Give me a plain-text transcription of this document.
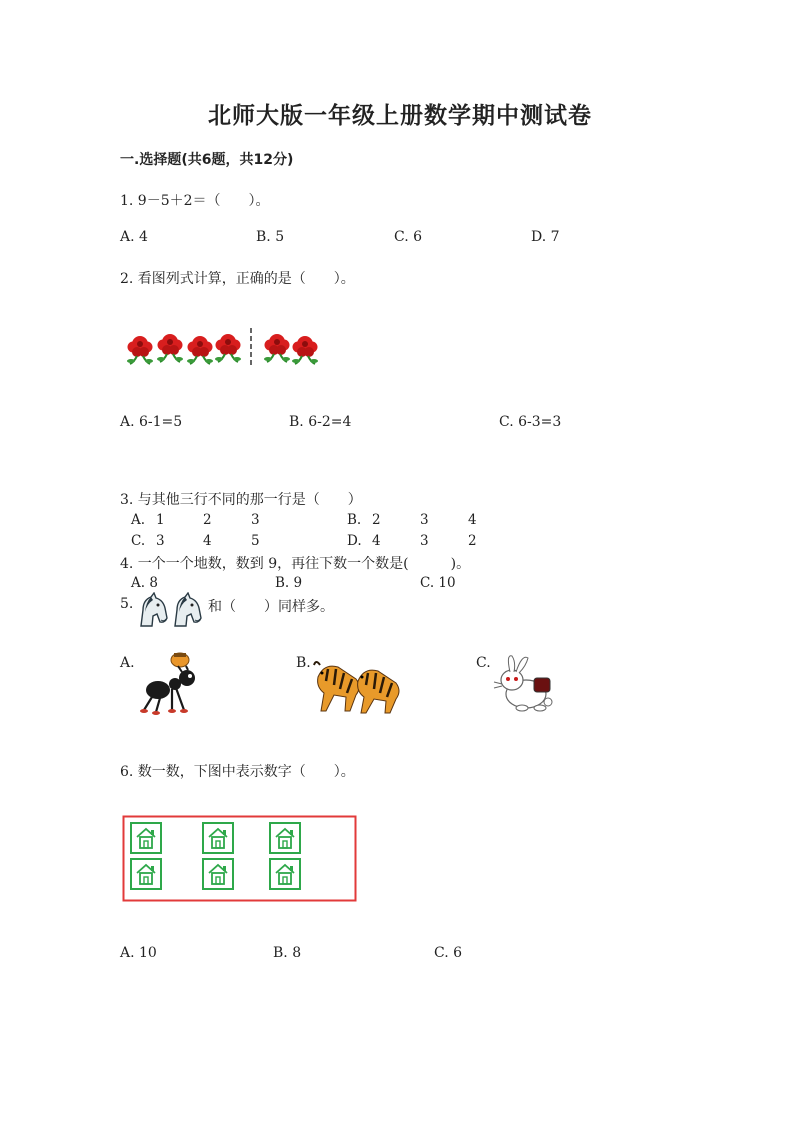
北师大版一年级上册数学期中测试卷
一.选择题(共6题，共12分)
1. 9－5＋2＝（　　）。
A. 4	B. 5	C. 6	D. 7
2. 看图列式计算，正确的是（　　）。
A. 6-1=5	B. 6-2=4	C. 6-3=3
3. 与其他三行不同的那一行是（　　）
A. 1	2	3	B. 2	3	4
C. 3	4	5	D. 4	3	2
4. 一个一个地数，数到 9，再往下数一个数是(　　　)。
A. 8	B. 9	C. 10
5.	和（　　）同样多。
A.	B.	C.
6. 数一数，下图中表示数字（　　）。
A. 10	B. 8	C. 6
